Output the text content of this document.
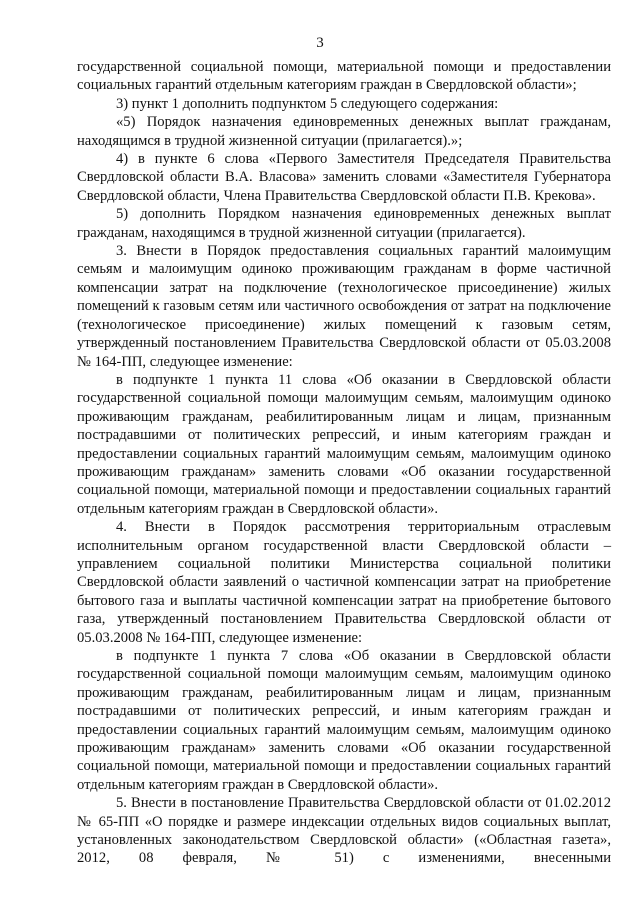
3

государственной социальной помощи, материальной помощи и предоставлении социальных гарантий отдельным категориям граждан в Свердловской области»;

3) пункт 1 дополнить подпунктом 5 следующего содержания:

«5) Порядок назначения единовременных денежных выплат гражданам, находящимся в трудной жизненной ситуации (прилагается).»;

4) в пункте 6 слова «Первого Заместителя Председателя Правительства Свердловской области В.А. Власова» заменить словами «Заместителя Губернатора Свердловской области, Члена Правительства Свердловской области П.В. Крекова».

5) дополнить Порядком назначения единовременных денежных выплат гражданам, находящимся в трудной жизненной ситуации (прилагается).

3. Внести в Порядок предоставления социальных гарантий малоимущим семьям и малоимущим одиноко проживающим гражданам в форме частичной компенсации затрат на подключение (технологическое присоединение) жилых помещений к газовым сетям или частичного освобождения от затрат на подключение (технологическое присоединение) жилых помещений к газовым сетям, утвержденный постановлением Правительства Свердловской области от 05.03.2008 № 164-ПП, следующее изменение:

в подпункте 1 пункта 11 слова «Об оказании в Свердловской области государственной социальной помощи малоимущим семьям, малоимущим одиноко проживающим гражданам, реабилитированным лицам и лицам, признанным пострадавшими от политических репрессий, и иным категориям граждан и предоставлении социальных гарантий малоимущим семьям, малоимущим одиноко проживающим гражданам» заменить словами «Об оказании государственной социальной помощи, материальной помощи и предоставлении социальных гарантий отдельным категориям граждан в Свердловской области».

4. Внести в Порядок рассмотрения территориальным отраслевым исполнительным органом государственной власти Свердловской области – управлением социальной политики Министерства социальной политики Свердловской области заявлений о частичной компенсации затрат на приобретение бытового газа и выплаты частичной компенсации затрат на приобретение бытового газа, утвержденный постановлением Правительства Свердловской области от 05.03.2008 № 164-ПП, следующее изменение:

в подпункте 1 пункта 7 слова «Об оказании в Свердловской области государственной социальной помощи малоимущим семьям, малоимущим одиноко проживающим гражданам, реабилитированным лицам и лицам, признанным пострадавшими от политических репрессий, и иным категориям граждан и предоставлении социальных гарантий малоимущим семьям, малоимущим одиноко проживающим гражданам» заменить словами «Об оказании государственной социальной помощи, материальной помощи и предоставлении социальных гарантий отдельным категориям граждан в Свердловской области».

5. Внести в постановление Правительства Свердловской области от 01.02.2012 № 65-ПП «О порядке и размере индексации отдельных видов социальных выплат, установленных законодательством Свердловской области» («Областная газета», 2012, 08 февраля, № 51) с изменениями, внесенными
